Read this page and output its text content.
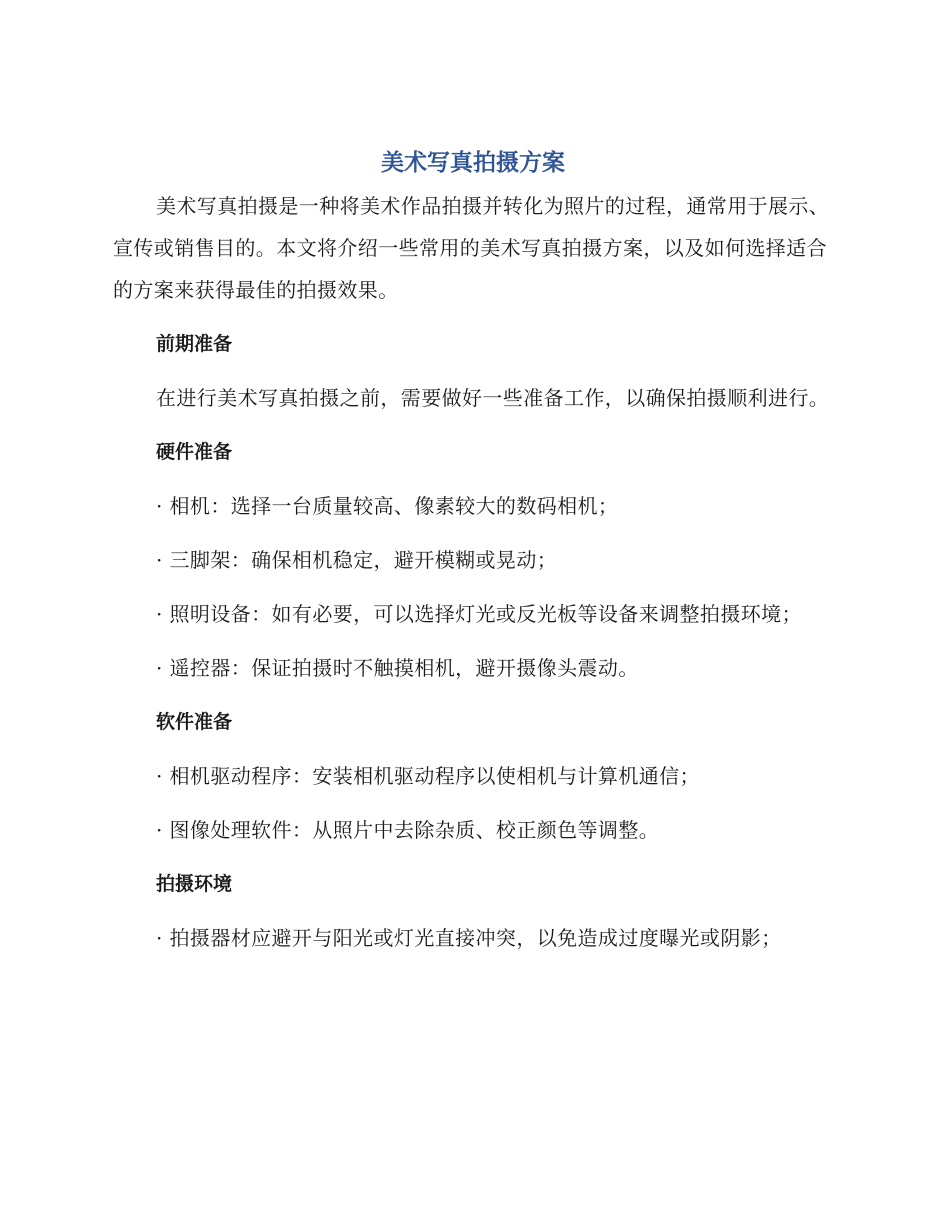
美术写真拍摄方案

美术写真拍摄是一种将美术作品拍摄并转化为照片的过程，通常用于展示、宣传或销售目的。本文将介绍一些常用的美术写真拍摄方案，以及如何选择适合的方案来获得最佳的拍摄效果。

前期准备

在进行美术写真拍摄之前，需要做好一些准备工作，以确保拍摄顺利进行。

硬件准备

· 相机：选择一台质量较高、像素较大的数码相机；

· 三脚架：确保相机稳定，避开模糊或晃动；

· 照明设备：如有必要，可以选择灯光或反光板等设备来调整拍摄环境；

· 遥控器：保证拍摄时不触摸相机，避开摄像头震动。

软件准备

· 相机驱动程序：安装相机驱动程序以使相机与计算机通信；

· 图像处理软件：从照片中去除杂质、校正颜色等调整。

拍摄环境

· 拍摄器材应避开与阳光或灯光直接冲突，以免造成过度曝光或阴影；
